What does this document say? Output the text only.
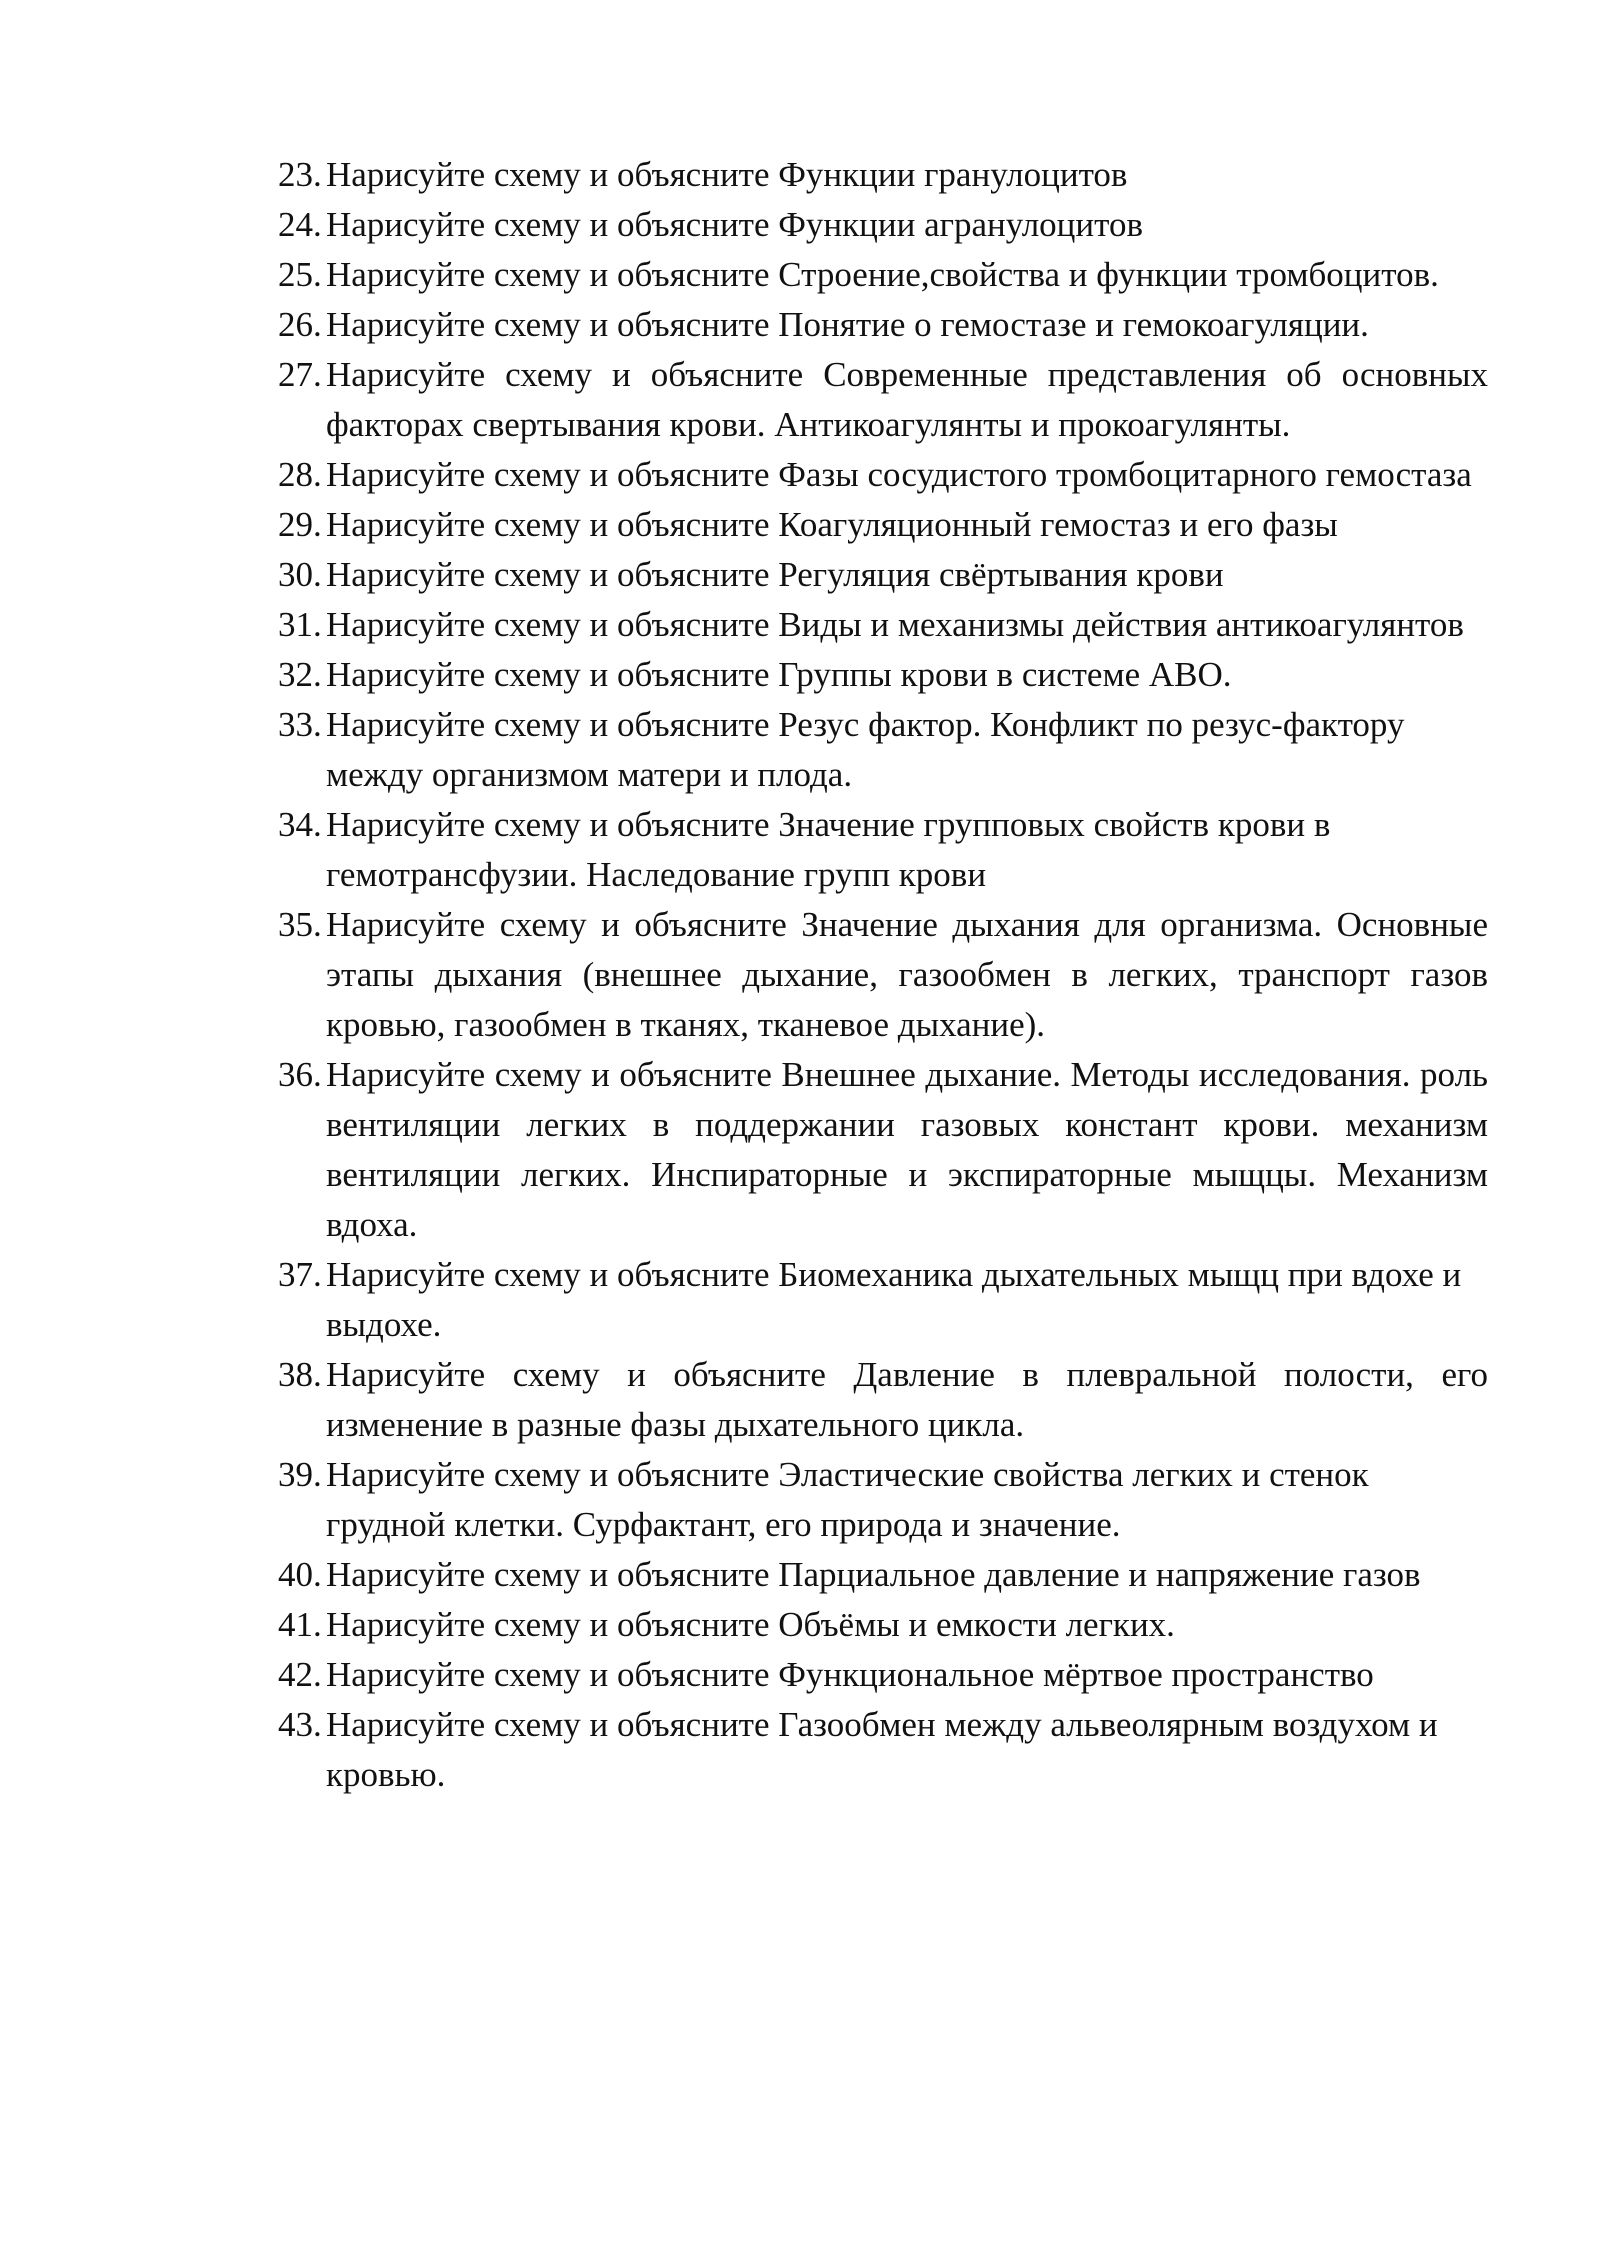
23. Нарисуйте схему и объясните Функции гранулоцитов
24. Нарисуйте схему и объясните Функции агранулоцитов
25. Нарисуйте схему и объясните Строение,свойства и функции тромбоцитов.
26. Нарисуйте схему и объясните Понятие о гемостазе и гемокоагуляции.
27. Нарисуйте схему и объясните Современные представления об основных факторах свертывания крови. Антикоагулянты и прокоагулянты.
28. Нарисуйте схему и объясните Фазы сосудистого тромбоцитарного гемостаза
29. Нарисуйте схему и объясните Коагуляционный гемостаз и его фазы
30. Нарисуйте схему и объясните Регуляция свёртывания крови
31. Нарисуйте схему и объясните Виды и механизмы действия антикоагулянтов
32. Нарисуйте схему и объясните Группы крови в системе АВО.
33. Нарисуйте схему и объясните Резус фактор. Конфликт по резус-фактору между организмом матери и плода.
34. Нарисуйте схему и объясните Значение групповых свойств крови в гемотрансфузии. Наследование групп крови
35. Нарисуйте схему и объясните Значение дыхания для организма. Основные этапы дыхания (внешнее дыхание, газообмен в легких, транспорт газов кровью, газообмен в тканях, тканевое дыхание).
36. Нарисуйте схему и объясните Внешнее дыхание. Методы исследования. роль вентиляции легких в поддержании газовых констант крови. механизм вентиляции легких. Инспираторные и экспираторные мыщцы. Механизм вдоха.
37. Нарисуйте схему и объясните Биомеханика дыхательных мыщц при вдохе и выдохе.
38. Нарисуйте схему и объясните Давление в плевральной полости, его изменение в разные фазы дыхательного цикла.
39. Нарисуйте схему и объясните Эластические свойства легких и стенок грудной клетки. Сурфактант, его природа и значение.
40. Нарисуйте схему и объясните Парциальное давление и напряжение газов
41. Нарисуйте схему и объясните Объёмы и емкости легких.
42. Нарисуйте схему и объясните Функциональное мёртвое пространство
43. Нарисуйте схему и объясните Газообмен между альвеолярным воздухом и кровью.
